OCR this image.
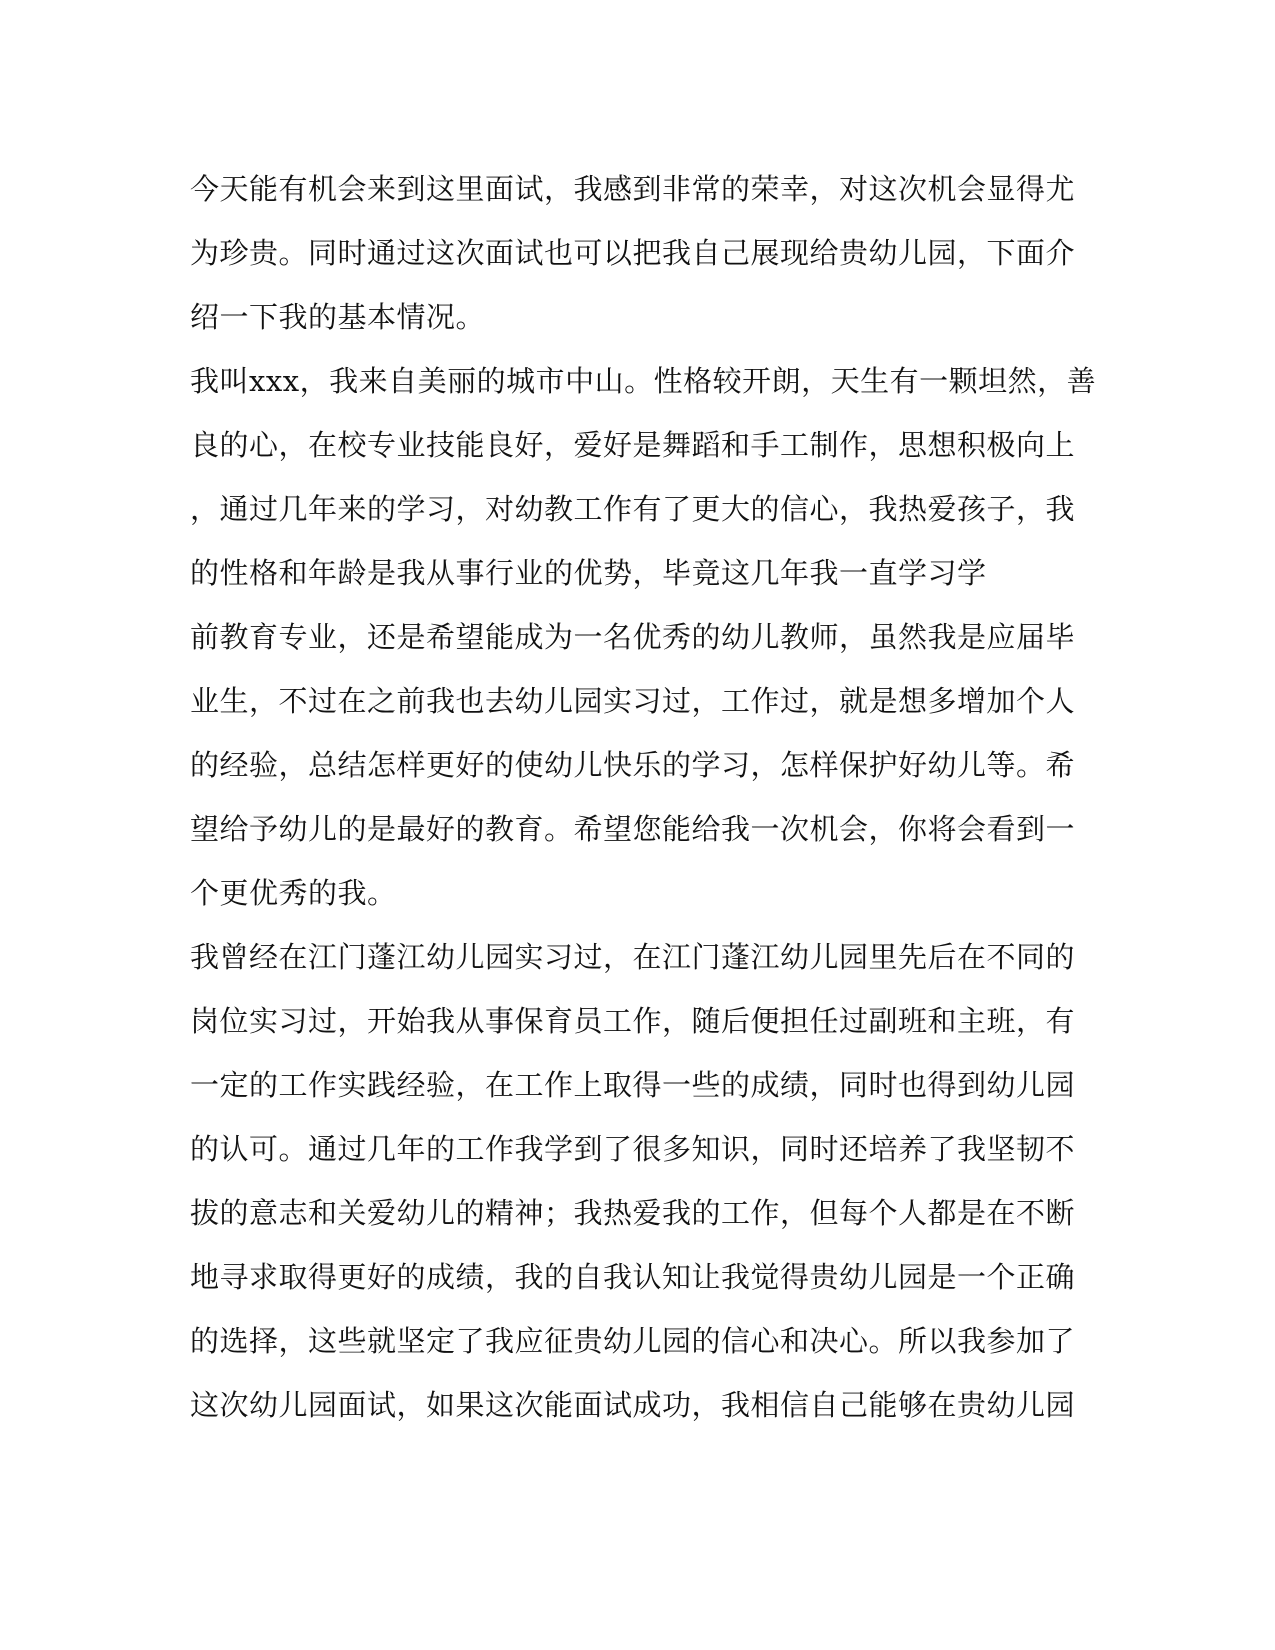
今天能有机会来到这里面试，我感到非常的荣幸，对这次机会显得尤
为珍贵。同时通过这次面试也可以把我自己展现给贵幼儿园，下面介
绍一下我的基本情况。
我叫xxx，我来自美丽的城市中山。性格较开朗，天生有一颗坦然，善
良的心，在校专业技能良好，爱好是舞蹈和手工制作，思想积极向上
，通过几年来的学习，对幼教工作有了更大的信心，我热爱孩子，我
的性格和年龄是我从事行业的优势，毕竟这几年我一直学习学
前教育专业，还是希望能成为一名优秀的幼儿教师，虽然我是应届毕
业生，不过在之前我也去幼儿园实习过，工作过，就是想多增加个人
的经验，总结怎样更好的使幼儿快乐的学习，怎样保护好幼儿等。希
望给予幼儿的是最好的教育。希望您能给我一次机会，你将会看到一
个更优秀的我。
我曾经在江门蓬江幼儿园实习过，在江门蓬江幼儿园里先后在不同的
岗位实习过，开始我从事保育员工作，随后便担任过副班和主班，有
一定的工作实践经验，在工作上取得一些的成绩，同时也得到幼儿园
的认可。通过几年的工作我学到了很多知识，同时还培养了我坚韧不
拔的意志和关爱幼儿的精神；我热爱我的工作，但每个人都是在不断
地寻求取得更好的成绩，我的自我认知让我觉得贵幼儿园是一个正确
的选择，这些就坚定了我应征贵幼儿园的信心和决心。所以我参加了
这次幼儿园面试，如果这次能面试成功，我相信自己能够在贵幼儿园
